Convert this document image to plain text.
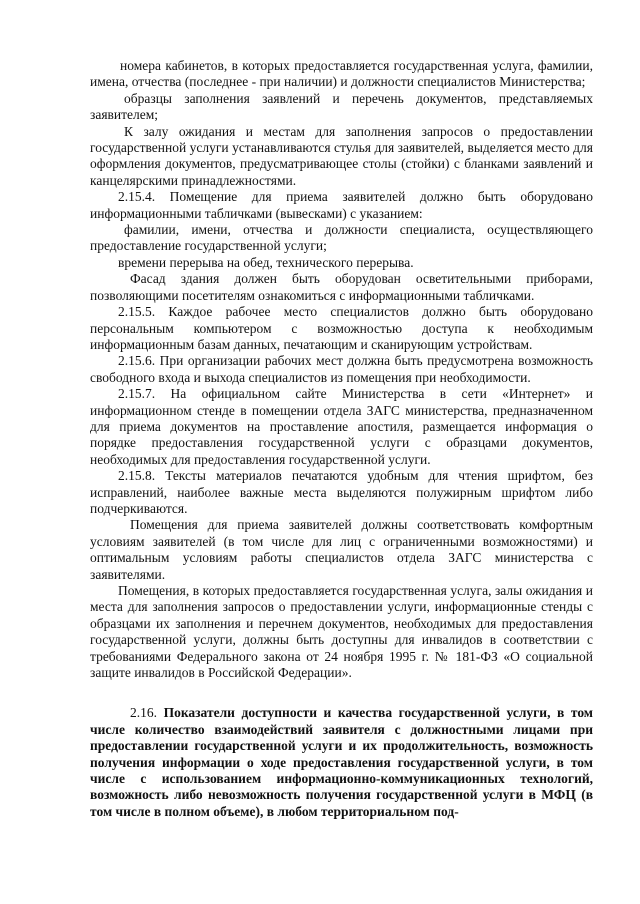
номера кабинетов, в которых предоставляется государственная услуга, фамилии, имена, отчества (последнее - при наличии) и должности специалистов Министерства;

образцы заполнения заявлений и перечень документов, представляемых заявителем;

К залу ожидания и местам для заполнения запросов о предоставлении государственной услуги устанавливаются стулья для заявителей, выделяется место для оформления документов, предусматривающее столы (стойки) с бланками заявлений и канцелярскими принадлежностями.

2.15.4. Помещение для приема заявителей должно быть оборудовано информационными табличками (вывесками) с указанием:

фамилии, имени, отчества и должности специалиста, осуществляющего предоставление государственной услуги;

времени перерыва на обед, технического перерыва.

Фасад здания должен быть оборудован осветительными приборами, позволяющими посетителям ознакомиться с информационными табличками.

2.15.5. Каждое рабочее место специалистов должно быть оборудовано персональным компьютером с возможностью доступа к необходимым информационным базам данных, печатающим и сканирующим устройствам.

2.15.6. При организации рабочих мест должна быть предусмотрена возможность свободного входа и выхода специалистов из помещения при необходимости.

2.15.7. На официальном сайте Министерства в сети «Интернет» и информационном стенде в помещении отдела ЗАГС министерства, предназначенном для приема документов на проставление апостиля, размещается информация о порядке предоставления государственной услуги с образцами документов, необходимых для предоставления государственной услуги.

2.15.8. Тексты материалов печатаются удобным для чтения шрифтом, без исправлений, наиболее важные места выделяются полужирным шрифтом либо подчеркиваются.

Помещения для приема заявителей должны соответствовать комфортным условиям заявителей (в том числе для лиц с ограниченными возможностями) и оптимальным условиям работы специалистов отдела ЗАГС министерства с заявителями.

Помещения, в которых предоставляется государственная услуга, залы ожидания и места для заполнения запросов о предоставлении услуги, информационные стенды с образцами их заполнения и перечнем документов, необходимых для предоставления государственной услуги, должны быть доступны для инвалидов в соответствии с требованиями Федерального закона от 24 ноября 1995 г. № 181-ФЗ «О социальной защите инвалидов в Российской Федерации».

2.16. Показатели доступности и качества государственной услуги, в том числе количество взаимодействий заявителя с должностными лицами при предоставлении государственной услуги и их продолжительность, возможность получения информации о ходе предоставления государственной услуги, в том числе с использованием информационно-коммуникационных технологий, возможность либо невозможность получения государственной услуги в МФЦ (в том числе в полном объеме), в любом территориальном под-
